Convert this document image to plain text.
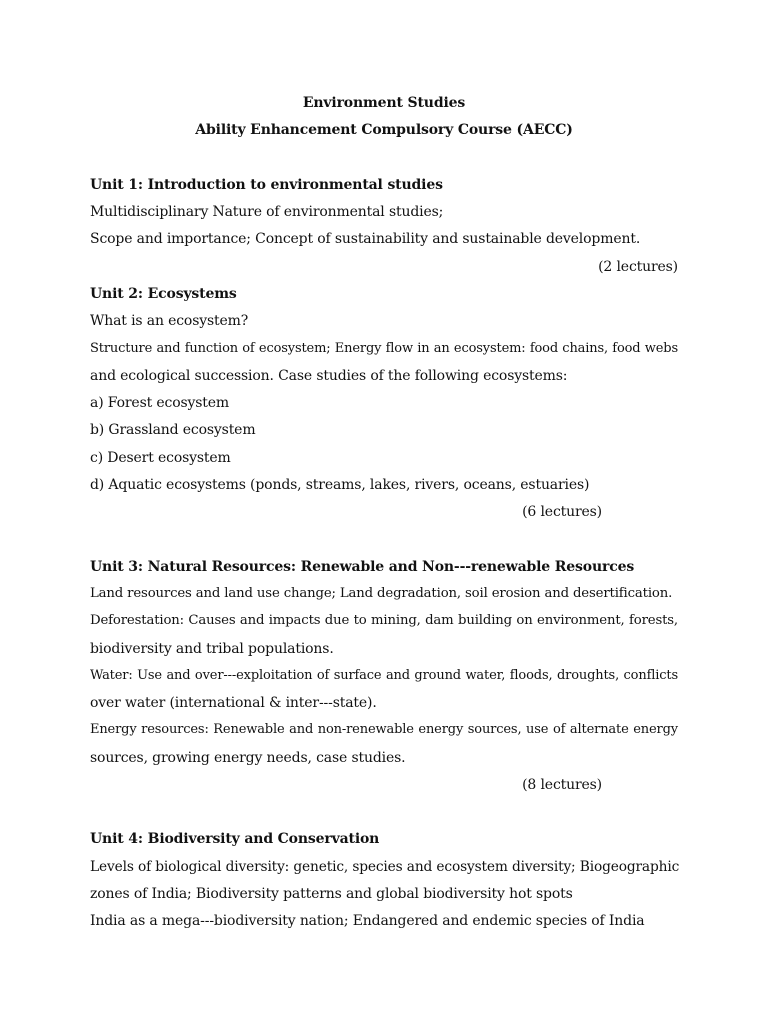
Environment Studies
Ability Enhancement Compulsory Course (AECC)
Unit 1: Introduction to environmental studies
Multidisciplinary Nature of environmental studies;
Scope and importance; Concept of sustainability and sustainable development.
(2 lectures)
Unit 2: Ecosystems
What is an ecosystem?
Structure and function of ecosystem; Energy flow in an ecosystem: food chains, food webs
and ecological succession. Case studies of the following ecosystems:
a) Forest ecosystem
b) Grassland ecosystem
c) Desert ecosystem
d) Aquatic ecosystems (ponds, streams, lakes, rivers, oceans, estuaries)
(6 lectures)
Unit 3: Natural Resources: Renewable and Non---renewable Resources
Land resources and land use change; Land degradation, soil erosion and desertification.
Deforestation: Causes and impacts due to mining, dam building on environment, forests,
biodiversity and tribal populations.
Water: Use and over---exploitation of surface and ground water, floods, droughts, conflicts
over water (international & inter---state).
Energy resources: Renewable and non-renewable energy sources, use of alternate energy
sources, growing energy needs, case studies.
(8 lectures)
Unit 4: Biodiversity and Conservation
Levels of biological diversity: genetic, species and ecosystem diversity; Biogeographic
zones of India; Biodiversity patterns and global biodiversity hot spots
India as a mega---biodiversity nation; Endangered and endemic species of India
